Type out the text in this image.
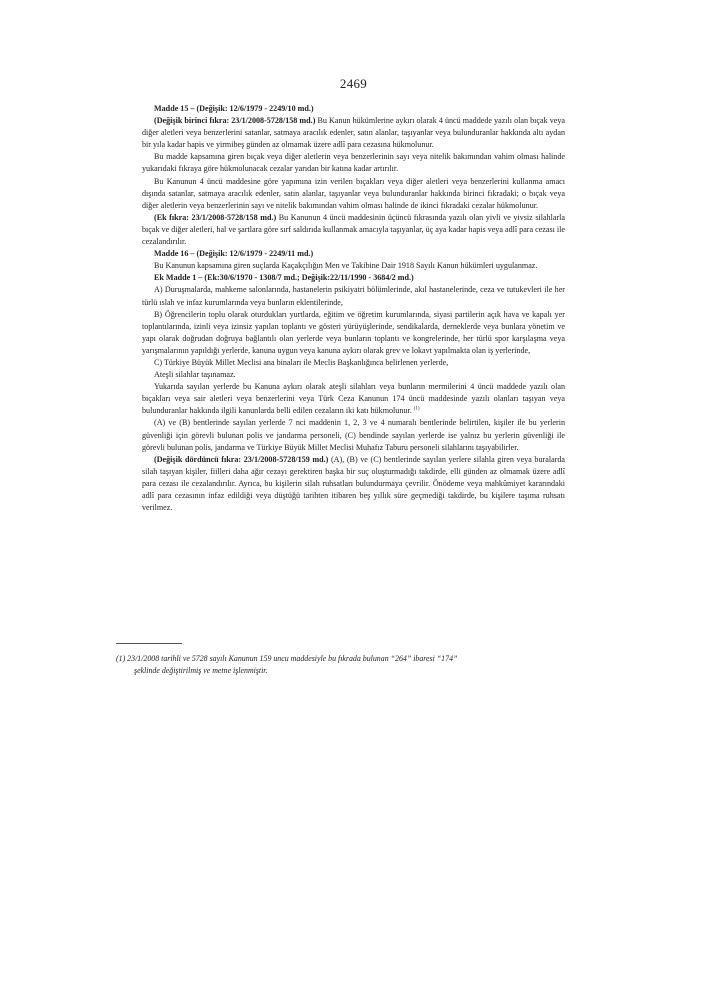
2469

Madde 15 – (Değişik: 12/6/1979 - 2249/10 md.)

(Değişik birinci fıkra: 23/1/2008-5728/158 md.) Bu Kanun hükümlerine aykırı olarak 4 üncü maddede yazılı olan bıçak veya diğer aletleri veya benzerlerini satanlar, satmaya aracılık edenler, satın alanlar, taşıyanlar veya bulunduranlar hakkında altı aydan bir yıla kadar hapis ve yirmibeş günden az olmamak üzere adlî para cezasına hükmolunur.

Bu madde kapsamına giren bıçak veya diğer aletlerin veya benzerlerinin sayı veya nitelik bakımından vahim olması halinde yukarıdaki fıkraya göre hükmolunacak cezalar yarıdan bir katına kadar artırılır.

Bu Kanunun 4 üncü maddesine göre yapımına izin verilen bıçakları veya diğer aletleri veya benzerlerini kullanma amacı dışında satanlar, satmaya aracılık edenler, satın alanlar, taşıyanlar veya bulunduranlar hakkında birinci fıkradaki; o bıçak veya diğer aletlerin veya benzerlerinin sayı ve nitelik bakımından vahim olması halinde de ikinci fıkradaki cezalar hükmolunur.

(Ek fıkra: 23/1/2008-5728/158 md.) Bu Kanunun 4 üncü maddesinin üçüncü fıkrasında yazılı olan yivli ve yivsiz silahlarla bıçak ve diğer aletleri, hal ve şartlara göre sırf saldırıda kullanmak amacıyla taşıyanlar, üç aya kadar hapis veya adlî para cezası ile cezalandırılır.

Madde 16 – (Değişik: 12/6/1979 - 2249/11 md.)

Bu Kanunun kapsamına giren suçlarda Kaçakçılığın Men ve Takibine Dair 1918 Sayılı Kanun hükümleri uygulanmaz.

Ek Madde 1 – (Ek:30/6/1970 - 1308/7 md.; Değişik:22/11/1990 - 3684/2 md.)

A) Duruşmalarda, mahkeme salonlarında, hastanelerin psikiyatri bölümlerinde, akıl hastanelerinde, ceza ve tutukevleri ile her türlü ıslah ve infaz kurumlarında veya bunların eklentilerinde,

B) Öğrencilerin toplu olarak oturdukları yurtlarda, eğitim ve öğretim kurumlarında, siyasi partilerin açık hava ve kapalı yer toplantılarında, izinli veya izinsiz yapılan toplantı ve gösteri yürüyüşlerinde, sendikalarda, derneklerde veya bunlara yönetim ve yapı olarak doğrudan doğruya bağlantılı olan yerlerde veya bunların toplantı ve kongrelerinde, her türlü spor karşılaşma veya yarışmalarının yapıldığı yerlerde, kanuna uygun veya kanuna aykırı olarak grev ve lokavt yapılmakta olan iş yerlerinde,

C) Türkiye Büyük Millet Meclisi ana binaları ile Meclis Başkanlığınca belirlenen yerlerde,

Ateşli silahlar taşınamaz.

Yukarıda sayılan yerlerde bu Kanuna aykırı olarak ateşli silahları veya bunların mermilerini 4 üncü maddede yazılı olan bıçakları veya sair aletleri veya benzerlerini veya Türk Ceza Kanunun 174 üncü maddesinde yazılı olanları taşıyan veya bulunduranlar hakkında ilgili kanunlarda belli edilen cezaların iki katı hükmolunur. $^{(1)}$

(A) ve (B) bentlerinde sayılan yerlerde 7 nci maddenin 1, 2, 3 ve 4 numaralı bentlerinde belirtilen, kişiler ile bu yerlerin güvenliği için görevli bulunan polis ve jandarma personeli, (C) bendinde sayılan yerlerde ise yalnız bu yerlerin güvenliği ile görevli bulunan polis, jandarma ve Türkiye Büyük Millet Meclisi Muhafız Taburu personeli silahlarını taşıyabilirler.

(Değişik dördüncü fıkra: 23/1/2008-5728/159 md.) (A), (B) ve (C) bentlerinde sayılan yerlere silahla giren veya buralarda silah taşıyan kişiler, fiilleri daha ağır cezayı gerektiren başka bir suç oluşturmadığı takdirde, elli günden az olmamak üzere adlî para cezası ile cezalandırılır. Ayrıca, bu kişilerin silah ruhsatları bulundurmaya çevrilir. Önödeme veya mahkûmiyet kararındaki adlî para cezasının infaz edildiği veya düştüğü tarihten itibaren beş yıllık süre geçmediği takdirde, bu kişilere taşıma ruhsatı verilmez.

(1) 23/1/2008 tarihli ve 5728 sayılı Kanunun 159 uncu maddesiyle bu fıkrada bulunan “264” ibaresi “174”
şeklinde değiştirilmiş ve metne işlenmiştir.
